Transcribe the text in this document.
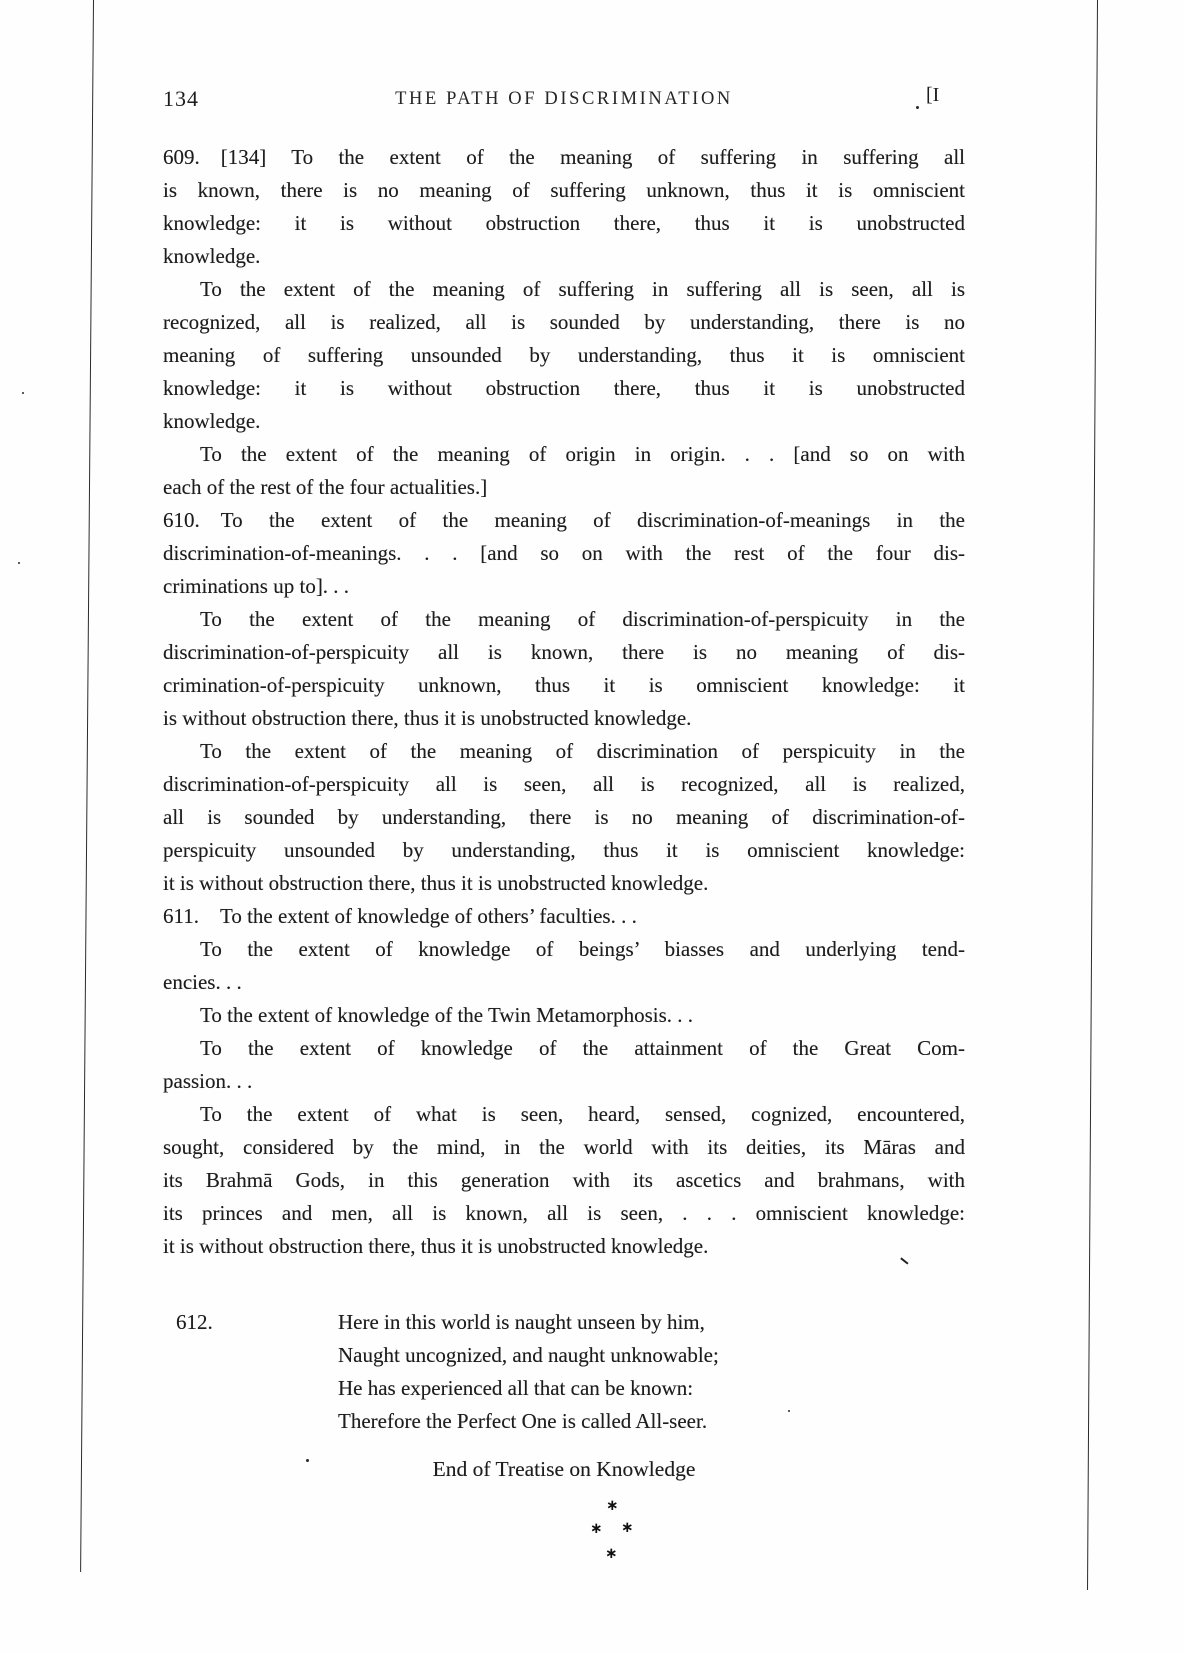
134	THE PATH OF DISCRIMINATION	[I
609. [134] To the extent of the meaning of suffering in suffering all
is known, there is no meaning of suffering unknown, thus it is omniscient
knowledge: it is without obstruction there, thus it is unobstructed
knowledge.
To the extent of the meaning of suffering in suffering all is seen, all is
recognized, all is realized, all is sounded by understanding, there is no
meaning of suffering unsounded by understanding, thus it is omniscient
knowledge: it is without obstruction there, thus it is unobstructed
knowledge.
To the extent of the meaning of origin in origin. . . [and so on with
each of the rest of the four actualities.]
610. To the extent of the meaning of discrimination-of-meanings in the
discrimination-of-meanings. . . [and so on with the rest of the four dis-
criminations up to]. . .
To the extent of the meaning of discrimination-of-perspicuity in the
discrimination-of-perspicuity all is known, there is no meaning of dis-
crimination-of-perspicuity unknown, thus it is omniscient knowledge: it
is without obstruction there, thus it is unobstructed knowledge.
To the extent of the meaning of discrimination of perspicuity in the
discrimination-of-perspicuity all is seen, all is recognized, all is realized,
all is sounded by understanding, there is no meaning of discrimination-of-
perspicuity unsounded by understanding, thus it is omniscient knowledge:
it is without obstruction there, thus it is unobstructed knowledge.
611. To the extent of knowledge of others’ faculties. . .
To the extent of knowledge of beings’ biasses and underlying tend-
encies. . .
To the extent of knowledge of the Twin Metamorphosis. . .
To the extent of knowledge of the attainment of the Great Com-
passion. . .
To the extent of what is seen, heard, sensed, cognized, encountered,
sought, considered by the mind, in the world with its deities, its Māras and
its Brahmā Gods, in this generation with its ascetics and brahmans, with
its princes and men, all is known, all is seen, . . . omniscient knowledge:
it is without obstruction there, thus it is unobstructed knowledge.
612.	Here in this world is naught unseen by him,
Naught uncognized, and naught unknowable;
He has experienced all that can be known:
Therefore the Perfect One is called All-seer.
End of Treatise on Knowledge
∗
∗ ∗
∗
